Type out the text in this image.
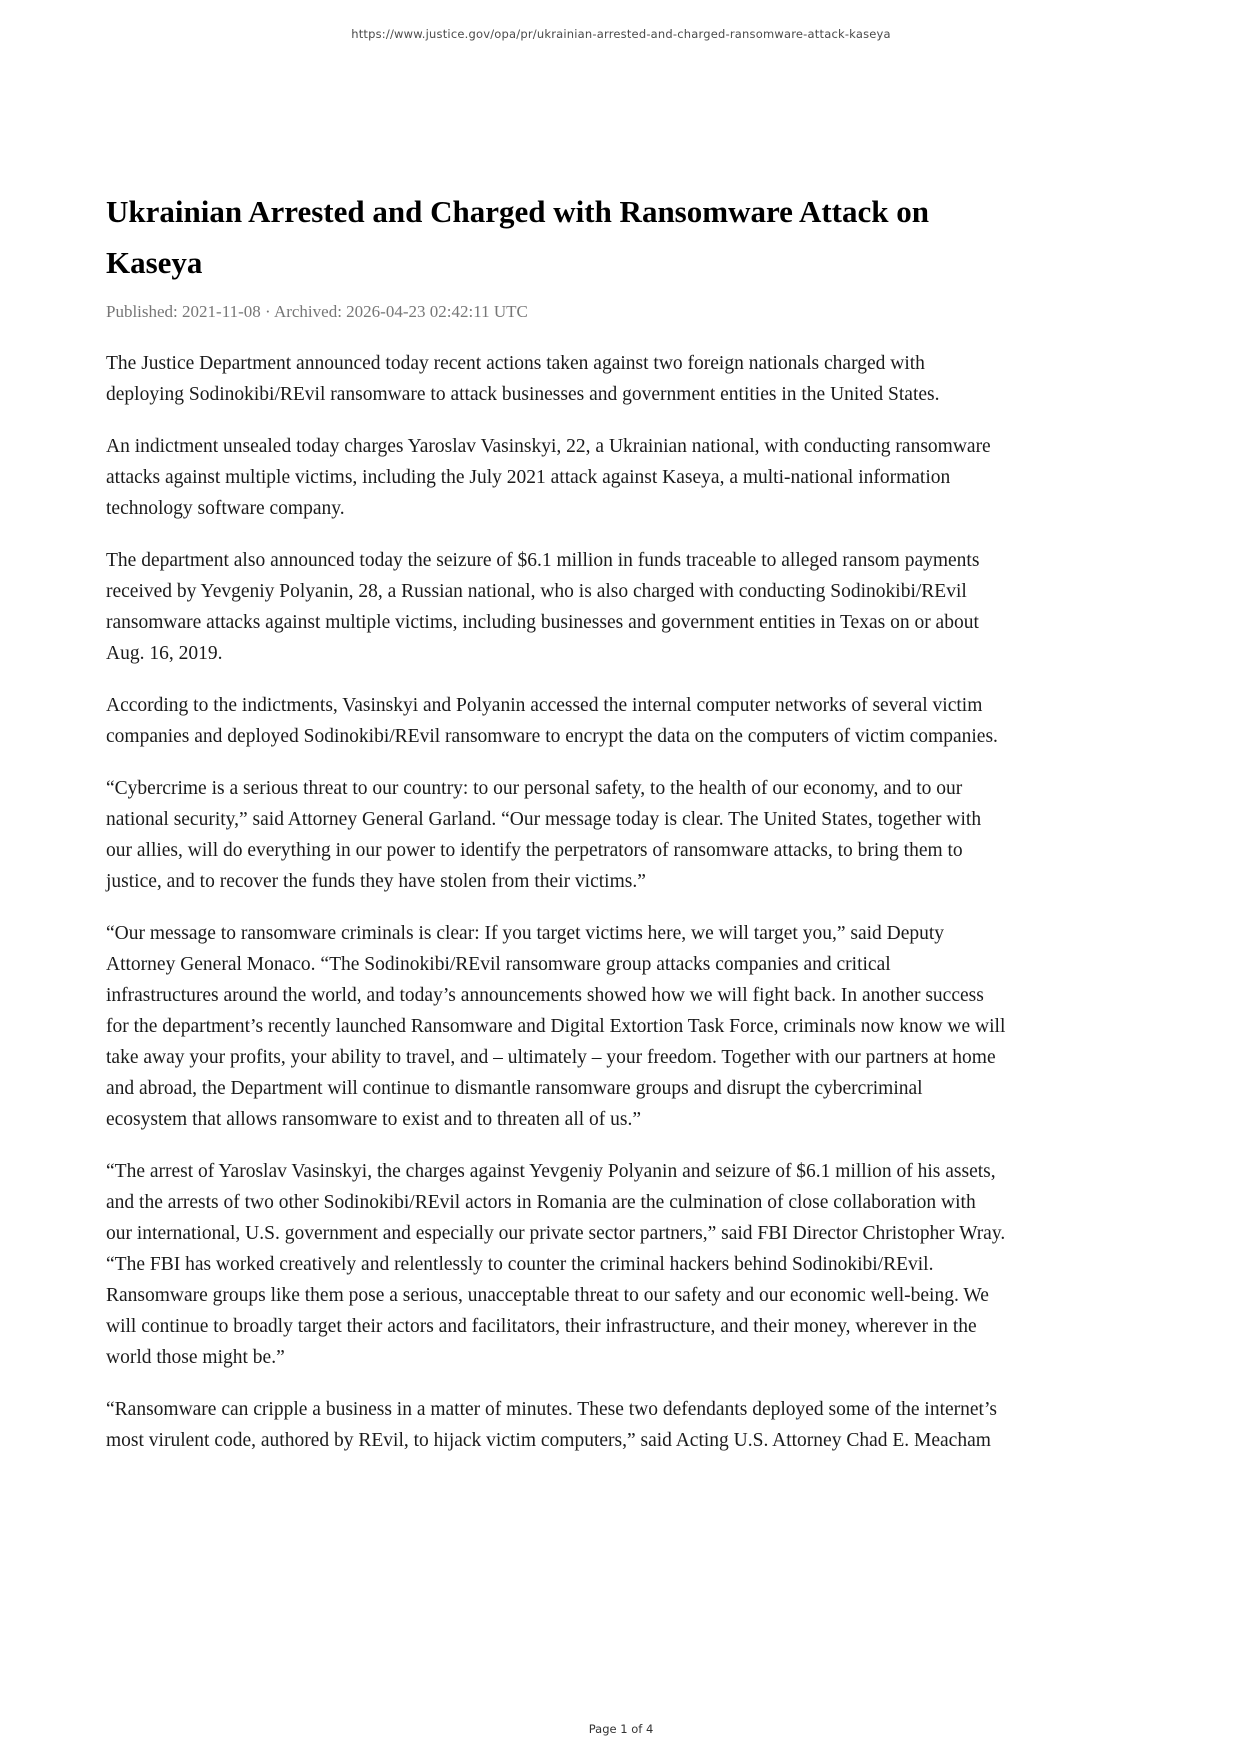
https://www.justice.gov/opa/pr/ukrainian-arrested-and-charged-ransomware-attack-kaseya
Ukrainian Arrested and Charged with Ransomware Attack on Kaseya
Published: 2021-11-08 · Archived: 2026-04-23 02:42:11 UTC

The Justice Department announced today recent actions taken against two foreign nationals charged with deploying Sodinokibi/REvil ransomware to attack businesses and government entities in the United States.

An indictment unsealed today charges Yaroslav Vasinskyi, 22, a Ukrainian national, with conducting ransomware attacks against multiple victims, including the July 2021 attack against Kaseya, a multi-national information technology software company.

The department also announced today the seizure of $6.1 million in funds traceable to alleged ransom payments received by Yevgeniy Polyanin, 28, a Russian national, who is also charged with conducting Sodinokibi/REvil ransomware attacks against multiple victims, including businesses and government entities in Texas on or about Aug. 16, 2019.

According to the indictments, Vasinskyi and Polyanin accessed the internal computer networks of several victim companies and deployed Sodinokibi/REvil ransomware to encrypt the data on the computers of victim companies.

“Cybercrime is a serious threat to our country: to our personal safety, to the health of our economy, and to our national security,” said Attorney General Garland. “Our message today is clear. The United States, together with our allies, will do everything in our power to identify the perpetrators of ransomware attacks, to bring them to justice, and to recover the funds they have stolen from their victims.”

“Our message to ransomware criminals is clear: If you target victims here, we will target you,” said Deputy Attorney General Monaco. “The Sodinokibi/REvil ransomware group attacks companies and critical infrastructures around the world, and today’s announcements showed how we will fight back. In another success for the department’s recently launched Ransomware and Digital Extortion Task Force, criminals now know we will take away your profits, your ability to travel, and – ultimately – your freedom. Together with our partners at home and abroad, the Department will continue to dismantle ransomware groups and disrupt the cybercriminal ecosystem that allows ransomware to exist and to threaten all of us.”

“The arrest of Yaroslav Vasinskyi, the charges against Yevgeniy Polyanin and seizure of $6.1 million of his assets, and the arrests of two other Sodinokibi/REvil actors in Romania are the culmination of close collaboration with our international, U.S. government and especially our private sector partners,” said FBI Director Christopher Wray. “The FBI has worked creatively and relentlessly to counter the criminal hackers behind Sodinokibi/REvil. Ransomware groups like them pose a serious, unacceptable threat to our safety and our economic well-being. We will continue to broadly target their actors and facilitators, their infrastructure, and their money, wherever in the world those might be.”

“Ransomware can cripple a business in a matter of minutes. These two defendants deployed some of the internet’s most virulent code, authored by REvil, to hijack victim computers,” said Acting U.S. Attorney Chad E. Meacham

Page 1 of 4
